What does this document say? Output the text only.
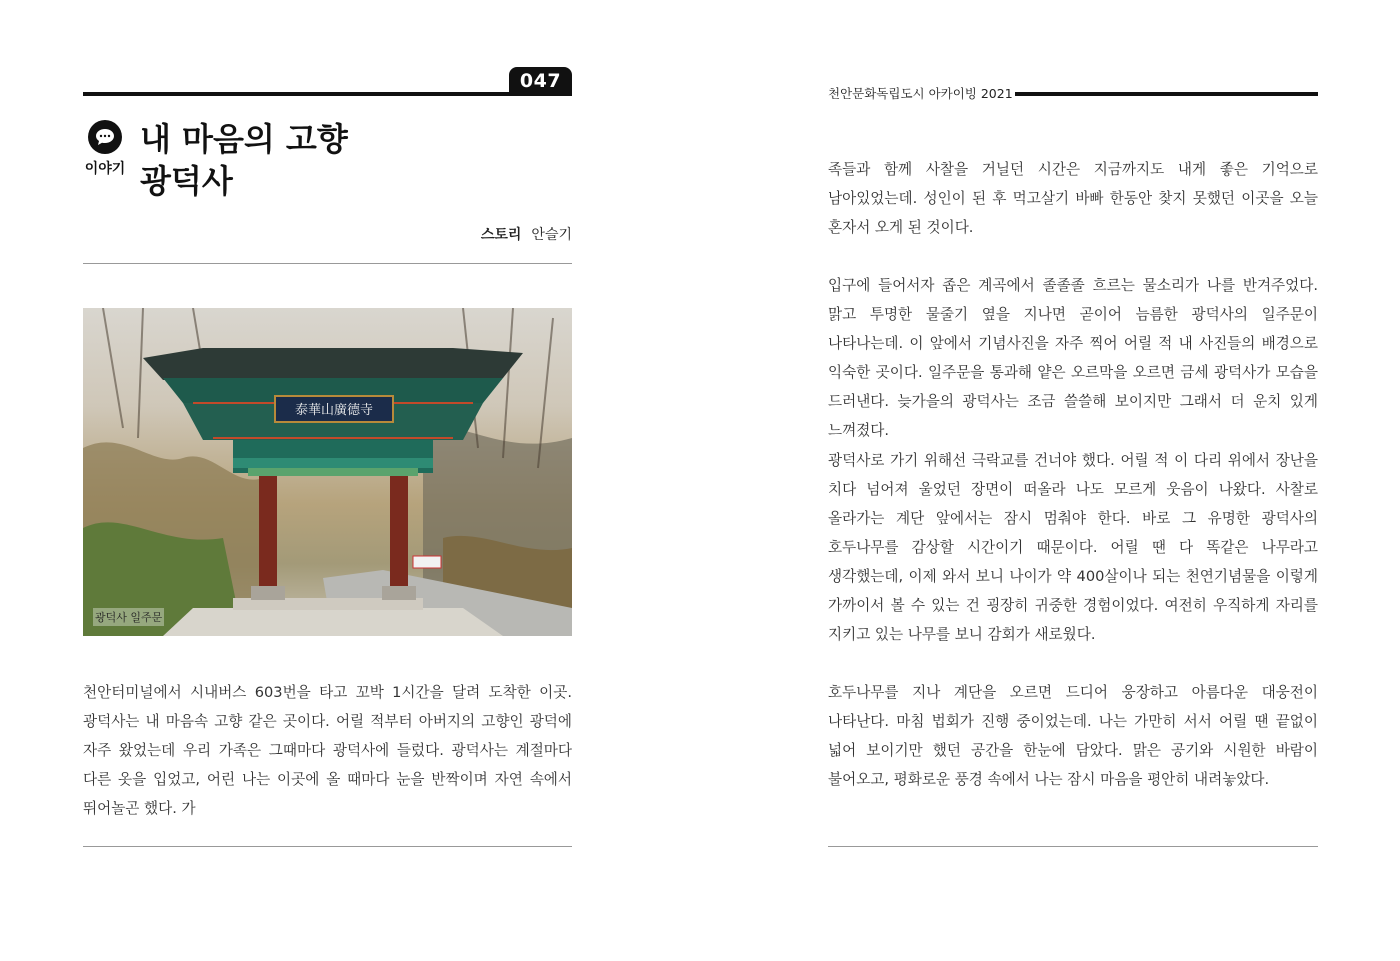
047
이야기
내 마음의 고향
광덕사
스토리 안슬기
泰華山廣德寺
광덕사 일주문

천안터미널에서 시내버스 603번을 타고 꼬박 1시간을 달려 도착한 이곳. 광덕사는 내 마음속 고향 같은 곳이다. 어릴 적부터 아버지의 고향인 광덕에 자주 왔었는데 우리 가족은 그때마다 광덕사에 들렀다. 광덕사는 계절마다 다른 옷을 입었고, 어린 나는 이곳에 올 때마다 눈을 반짝이며 자연 속에서 뛰어놀곤 했다. 가

천안문화독립도시 아카이빙 2021

족들과 함께 사찰을 거닐던 시간은 지금까지도 내게 좋은 기억으로 남아있었는데. 성인이 된 후 먹고살기 바빠 한동안 찾지 못했던 이곳을 오늘 혼자서 오게 된 것이다.

입구에 들어서자 좁은 계곡에서 졸졸졸 흐르는 물소리가 나를 반겨주었다. 맑고 투명한 물줄기 옆을 지나면 곧이어 늠름한 광덕사의 일주문이 나타나는데. 이 앞에서 기념사진을 자주 찍어 어릴 적 내 사진들의 배경으로 익숙한 곳이다. 일주문을 통과해 얕은 오르막을 오르면 금세 광덕사가 모습을 드러낸다. 늦가을의 광덕사는 조금 쓸쓸해 보이지만 그래서 더 운치 있게 느껴졌다.

광덕사로 가기 위해선 극락교를 건너야 했다. 어릴 적 이 다리 위에서 장난을 치다 넘어져 울었던 장면이 떠올라 나도 모르게 웃음이 나왔다. 사찰로 올라가는 계단 앞에서는 잠시 멈춰야 한다. 바로 그 유명한 광덕사의 호두나무를 감상할 시간이기 때문이다. 어릴 땐 다 똑같은 나무라고 생각했는데, 이제 와서 보니 나이가 약 400살이나 되는 천연기념물을 이렇게 가까이서 볼 수 있는 건 굉장히 귀중한 경험이었다. 여전히 우직하게 자리를 지키고 있는 나무를 보니 감회가 새로웠다.

호두나무를 지나 계단을 오르면 드디어 웅장하고 아름다운 대웅전이 나타난다. 마침 법회가 진행 중이었는데. 나는 가만히 서서 어릴 땐 끝없이 넓어 보이기만 했던 공간을 한눈에 담았다. 맑은 공기와 시원한 바람이 불어오고, 평화로운 풍경 속에서 나는 잠시 마음을 평안히 내려놓았다.
